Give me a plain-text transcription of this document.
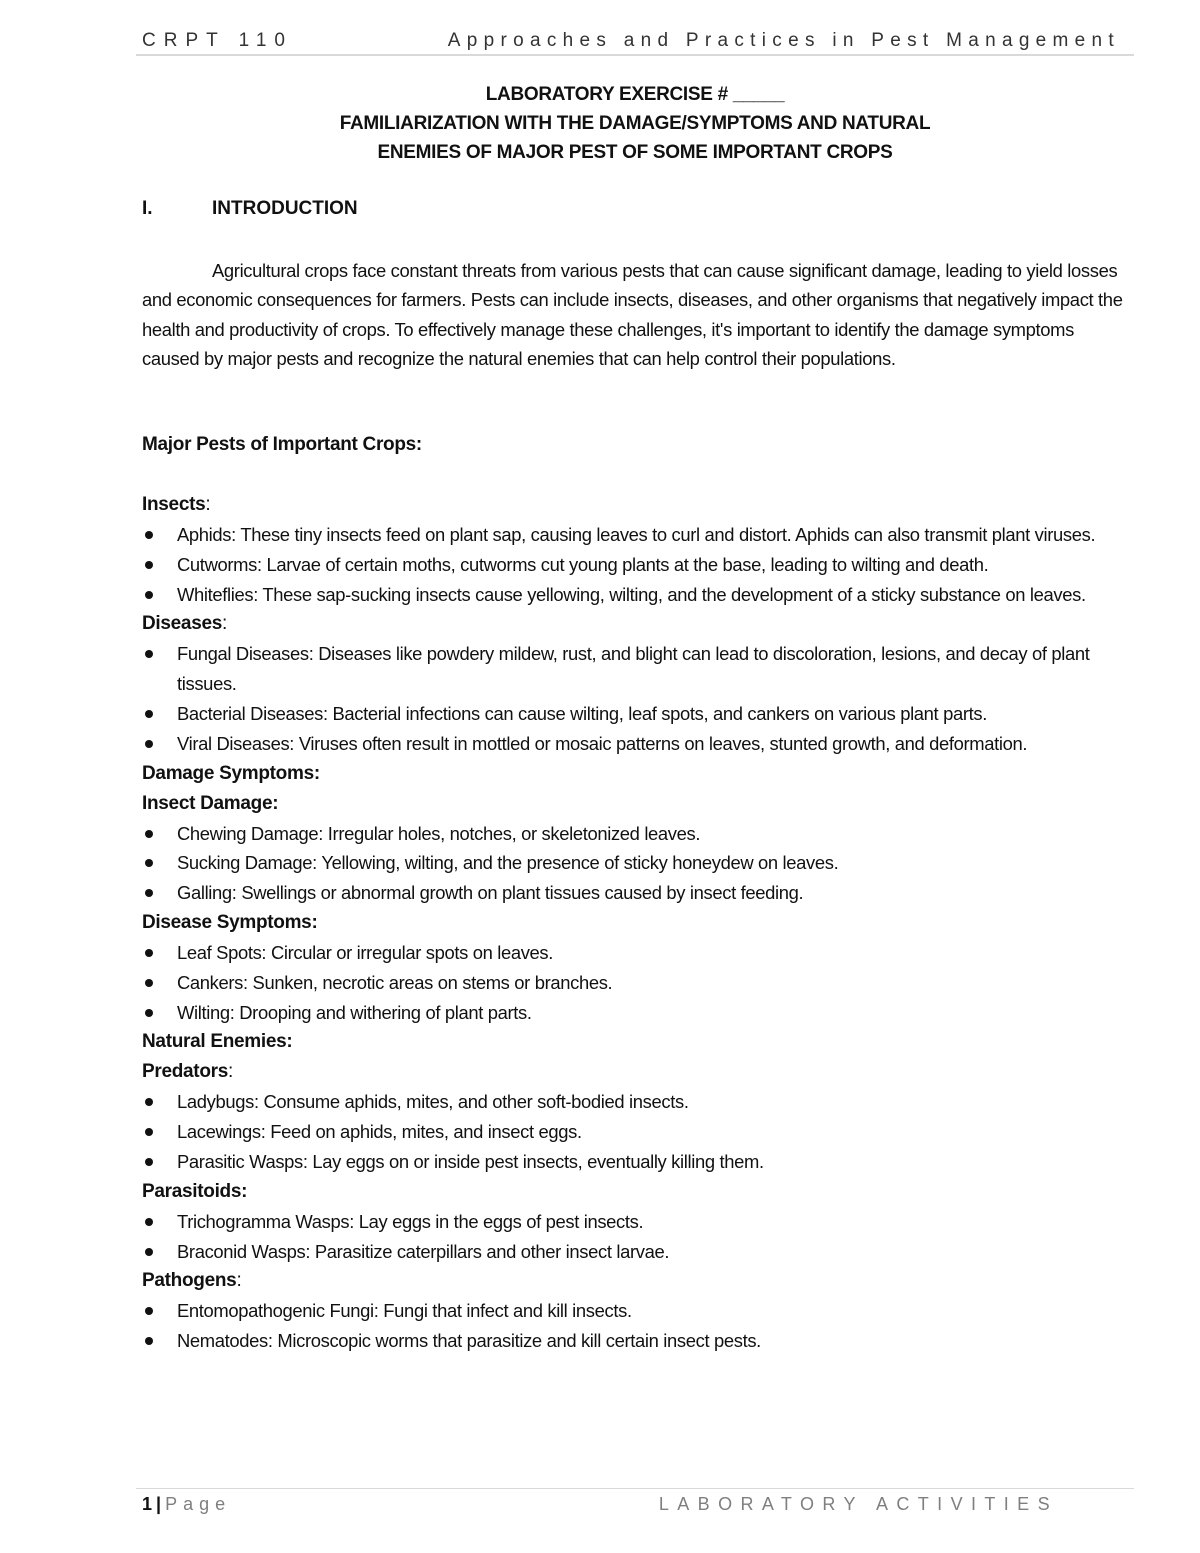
CRPT 110	Approaches and Practices in Pest Management
LABORATORY EXERCISE # _____
FAMILIARIZATION WITH THE DAMAGE/SYMPTOMS AND NATURAL
ENEMIES OF MAJOR PEST OF SOME IMPORTANT CROPS
I.	INTRODUCTION
Agricultural crops face constant threats from various pests that can cause significant damage, leading to yield losses and economic consequences for farmers. Pests can include insects, diseases, and other organisms that negatively impact the health and productivity of crops. To effectively manage these challenges, it's important to identify the damage symptoms caused by major pests and recognize the natural enemies that can help control their populations.
Major Pests of Important Crops:
Insects:
Aphids: These tiny insects feed on plant sap, causing leaves to curl and distort. Aphids can also transmit plant viruses.
Cutworms: Larvae of certain moths, cutworms cut young plants at the base, leading to wilting and death.
Whiteflies: These sap-sucking insects cause yellowing, wilting, and the development of a sticky substance on leaves.
Diseases:
Fungal Diseases: Diseases like powdery mildew, rust, and blight can lead to discoloration, lesions, and decay of plant tissues.
Bacterial Diseases: Bacterial infections can cause wilting, leaf spots, and cankers on various plant parts.
Viral Diseases: Viruses often result in mottled or mosaic patterns on leaves, stunted growth, and deformation.
Damage Symptoms:
Insect Damage:
Chewing Damage: Irregular holes, notches, or skeletonized leaves.
Sucking Damage: Yellowing, wilting, and the presence of sticky honeydew on leaves.
Galling: Swellings or abnormal growth on plant tissues caused by insect feeding.
Disease Symptoms:
Leaf Spots: Circular or irregular spots on leaves.
Cankers: Sunken, necrotic areas on stems or branches.
Wilting: Drooping and withering of plant parts.
Natural Enemies:
Predators:
Ladybugs: Consume aphids, mites, and other soft-bodied insects.
Lacewings: Feed on aphids, mites, and insect eggs.
Parasitic Wasps: Lay eggs on or inside pest insects, eventually killing them.
Parasitoids:
Trichogramma Wasps: Lay eggs in the eggs of pest insects.
Braconid Wasps: Parasitize caterpillars and other insect larvae.
Pathogens:
Entomopathogenic Fungi: Fungi that infect and kill insects.
Nematodes: Microscopic worms that parasitize and kill certain insect pests.
1 | Page	LABORATORY ACTIVITIES
